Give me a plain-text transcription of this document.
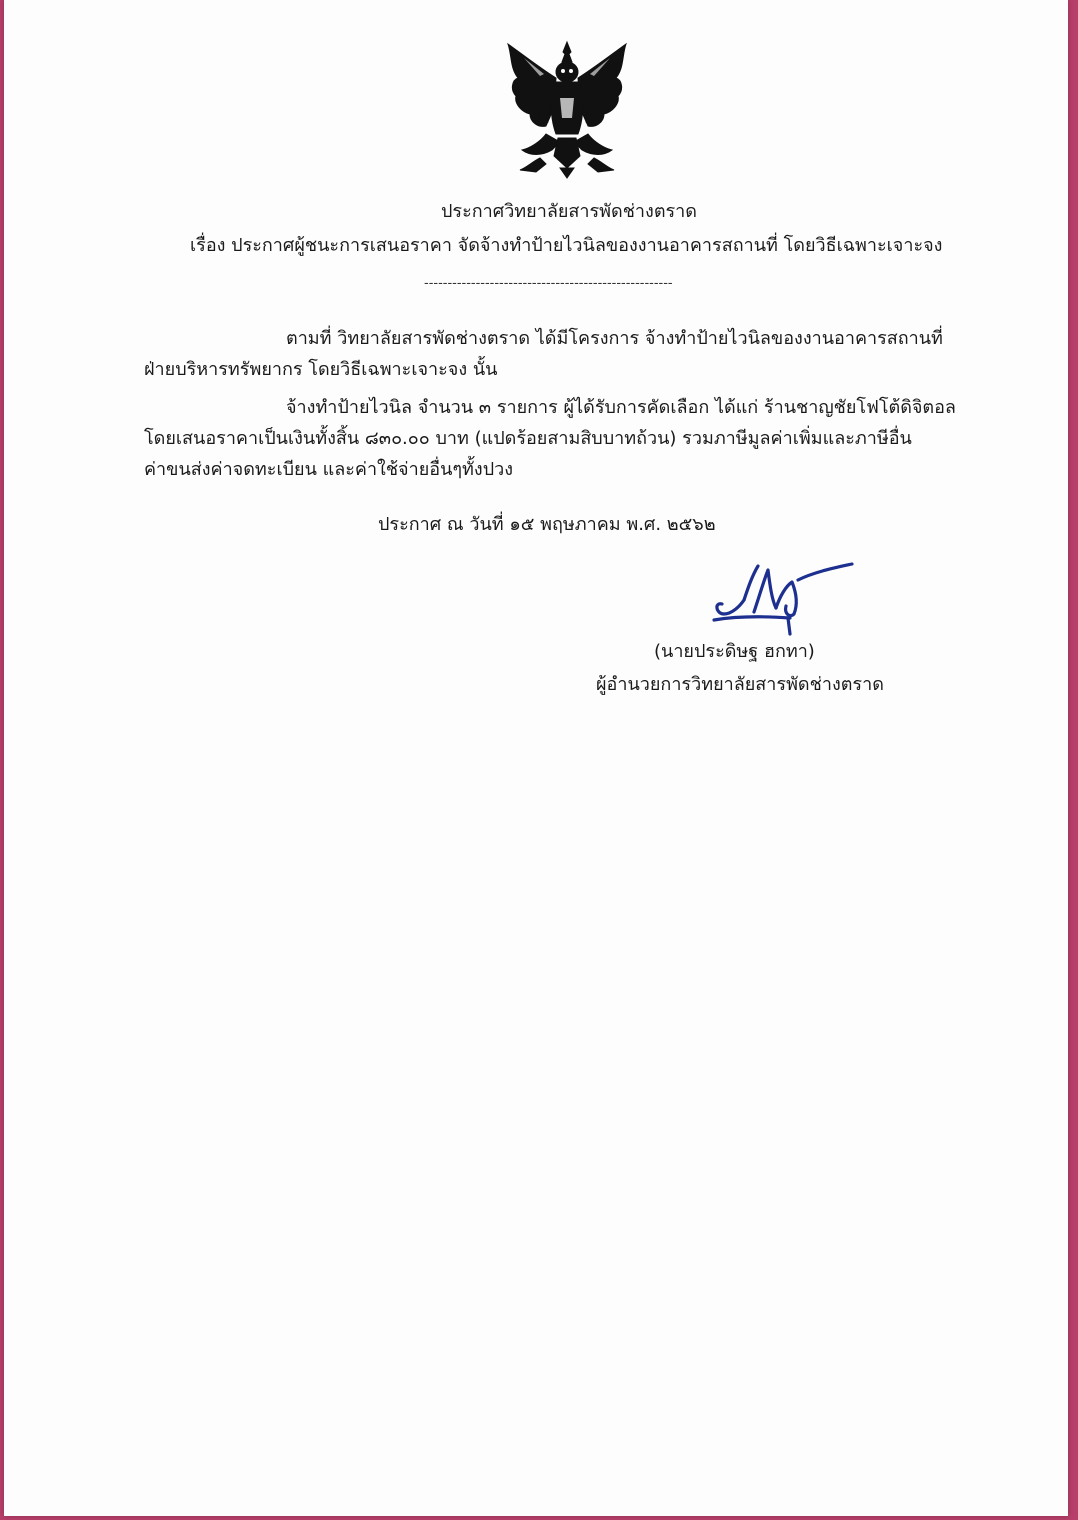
ประกาศวิทยาลัยสารพัดช่างตราด
เรื่อง ประกาศผู้ชนะการเสนอราคา จัดจ้างทำป้ายไวนิลของงานอาคารสถานที่ โดยวิธีเฉพาะเจาะจง
-----------------------------------------------------
ตามที่ วิทยาลัยสารพัดช่างตราด ได้มีโครงการ จ้างทำป้ายไวนิลของงานอาคารสถานที่
ฝ่ายบริหารทรัพยากร โดยวิธีเฉพาะเจาะจง นั้น
จ้างทำป้ายไวนิล จำนวน ๓ รายการ ผู้ได้รับการคัดเลือก ได้แก่ ร้านชาญชัยโฟโต้ดิจิตอล
โดยเสนอราคาเป็นเงินทั้งสิ้น ๘๓๐.๐๐ บาท (แปดร้อยสามสิบบาทถ้วน) รวมภาษีมูลค่าเพิ่มและภาษีอื่น
ค่าขนส่งค่าจดทะเบียน และค่าใช้จ่ายอื่นๆทั้งปวง
ประกาศ ณ วันที่ ๑๕ พฤษภาคม พ.ศ. ๒๕๖๒
(นายประดิษฐ ฮกทา)
ผู้อำนวยการวิทยาลัยสารพัดช่างตราด
